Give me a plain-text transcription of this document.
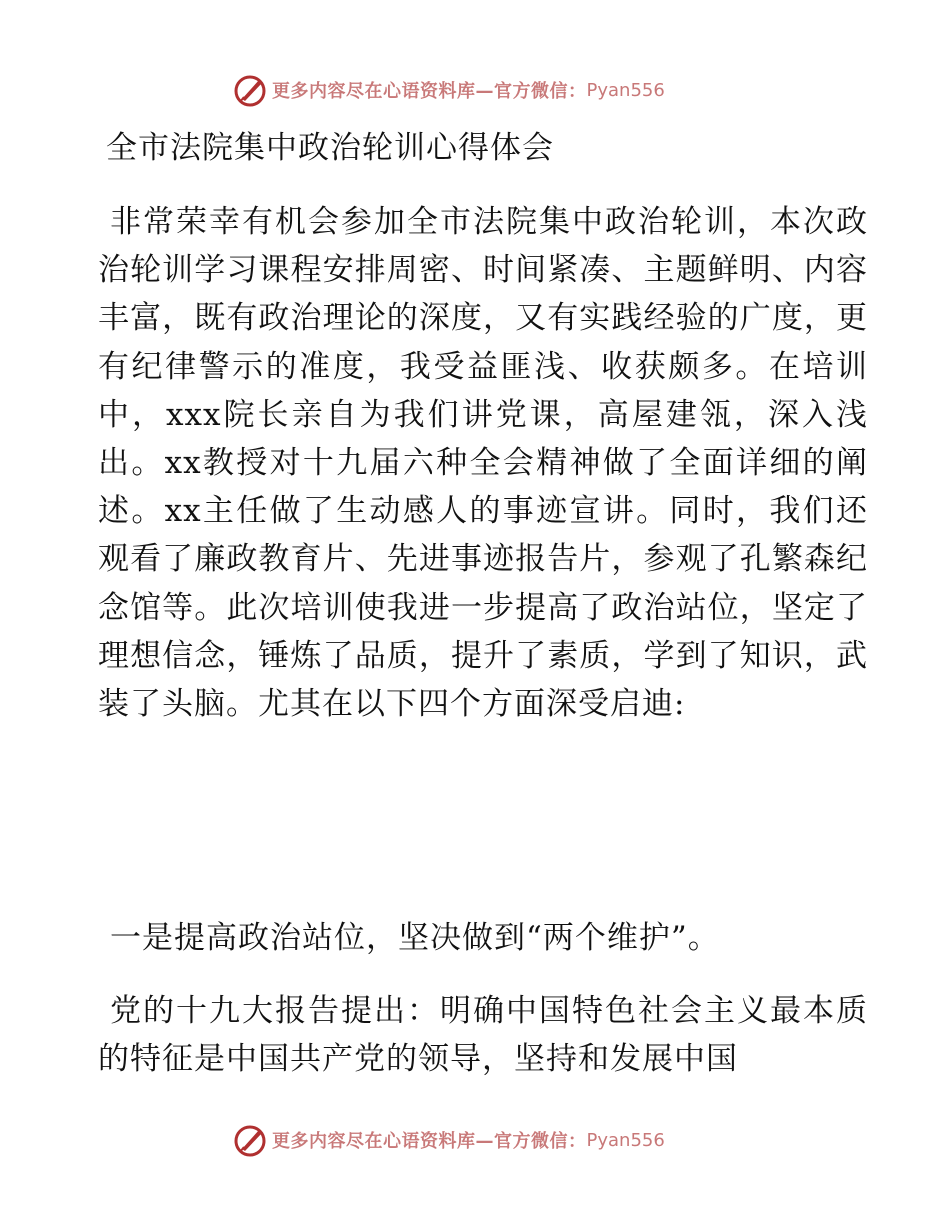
更多内容尽在心语资料库—官方微信： Pyan556
全市法院集中政治轮训心得体会

非常荣幸有机会参加全市法院集中政治轮训，本次政治轮训学习课程安排周密、时间紧凑、主题鲜明、内容丰富，既有政治理论的深度，又有实践经验的广度，更有纪律警示的准度，我受益匪浅、收获颇多。在培训中，xxx院长亲自为我们讲党课，高屋建瓴，深入浅出。xx教授对十九届六种全会精神做了全面详细的阐述。xx主任做了生动感人的事迹宣讲。同时，我们还观看了廉政教育片、先进事迹报告片，参观了孔繁森纪念馆等。此次培训使我进一步提高了政治站位，坚定了理想信念，锤炼了品质，提升了素质，学到了知识，武装了头脑。尤其在以下四个方面深受启迪:

一是提高政治站位，坚决做到“两个维护”。

党的十九大报告提出：明确中国特色社会主义最本质的特征是中国共产党的领导，坚持和发展中国

更多内容尽在心语资料库—官方微信： Pyan556
